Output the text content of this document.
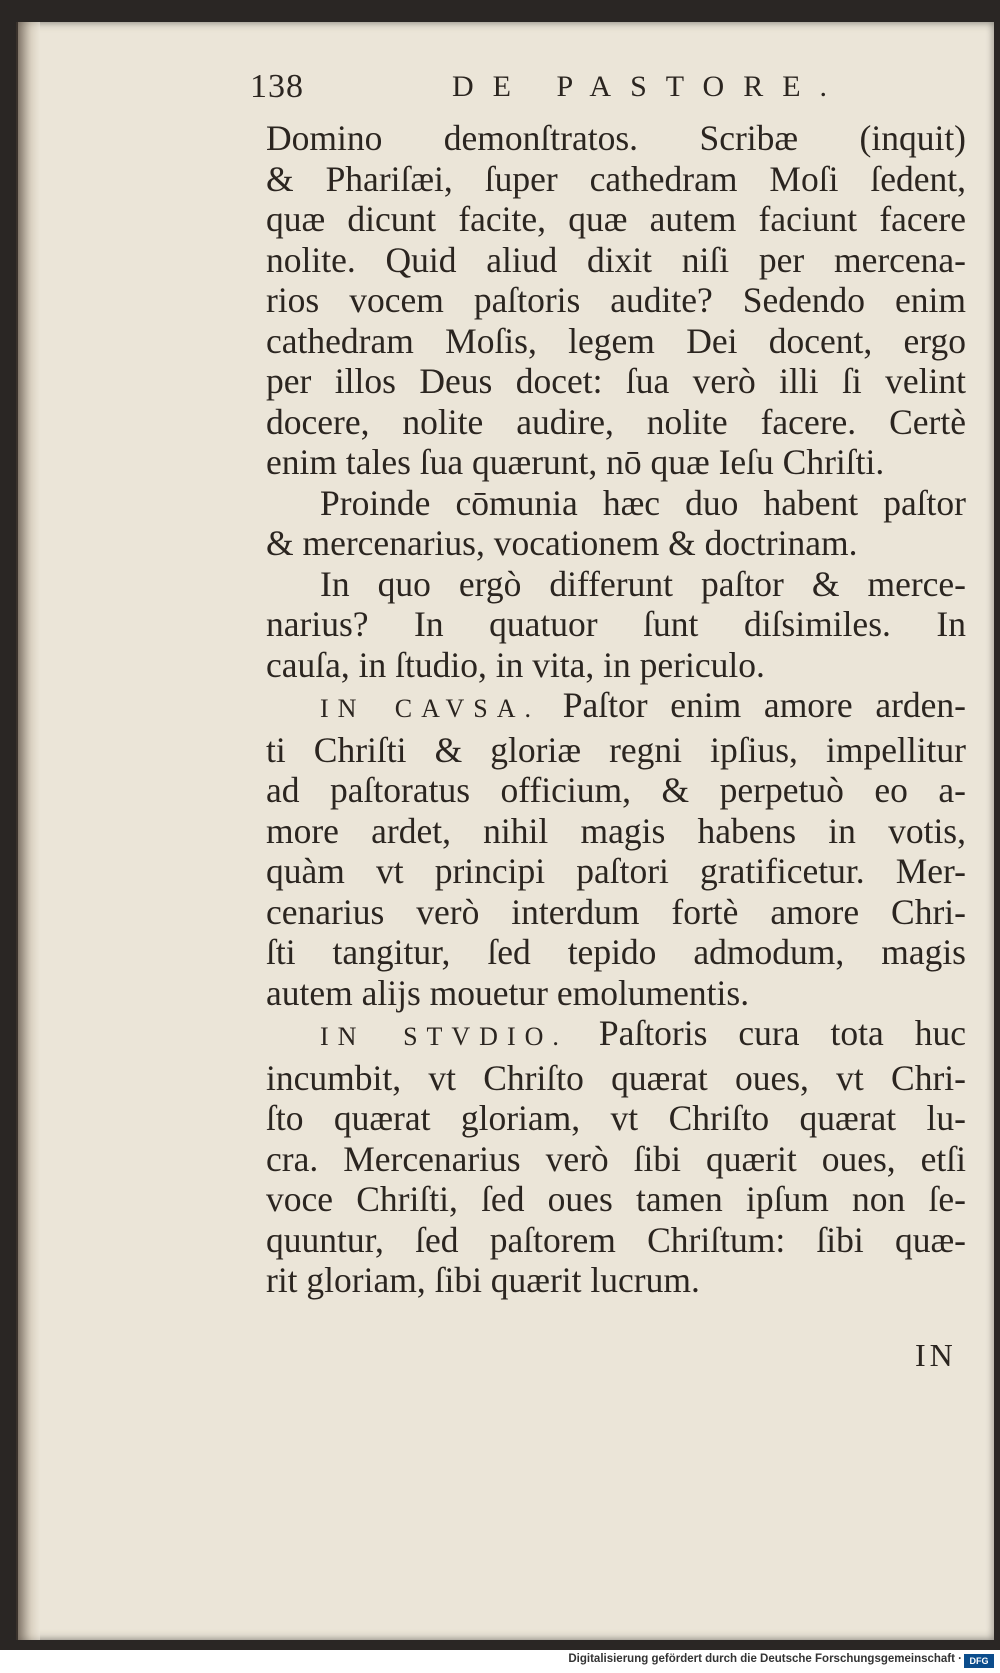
138	DE PASTORE.
Domino demonſtratos. Scribæ (inquit)
& Phariſæi, ſuper cathedram Moſi ſedent,
quæ dicunt facite, quæ autem faciunt facere
nolite. Quid aliud dixit niſi per mercena-
rios vocem paſtoris audite? Sedendo enim
cathedram Moſis, legem Dei docent, ergo
per illos Deus docet: ſua verò illi ſi velint
docere, nolite audire, nolite facere. Certè
enim tales ſua quærunt, nō quæ Ieſu Chriſti.
Proinde cōmunia hæc duo habent paſtor
& mercenarius, vocationem & doctrinam.
In quo ergò differunt paſtor & merce-
narius? In quatuor ſunt diſsimiles. In
cauſa, in ſtudio, in vita, in periculo.
IN CAVSA. Paſtor enim amore arden-
ti Chriſti & gloriæ regni ipſius, impellitur
ad paſtoratus officium, & perpetuò eo a-
more ardet, nihil magis habens in votis,
quàm vt principi paſtori gratificetur. Mer-
cenarius verò interdum fortè amore Chri-
ſti tangitur, ſed tepido admodum, magis
autem alijs mouetur emolumentis.
IN STVDIO. Paſtoris cura tota huc
incumbit, vt Chriſto quærat oues, vt Chri-
ſto quærat gloriam, vt Chriſto quærat lu-
cra. Mercenarius verò ſibi quærit oues, etſi
voce Chriſti, ſed oues tamen ipſum non ſe-
quuntur, ſed paſtorem Chriſtum: ſibi quæ-
rit gloriam, ſibi quærit lucrum.
IN
Digitalisierung gefördert durch die Deutsche Forschungsgemeinschaft · DFG
